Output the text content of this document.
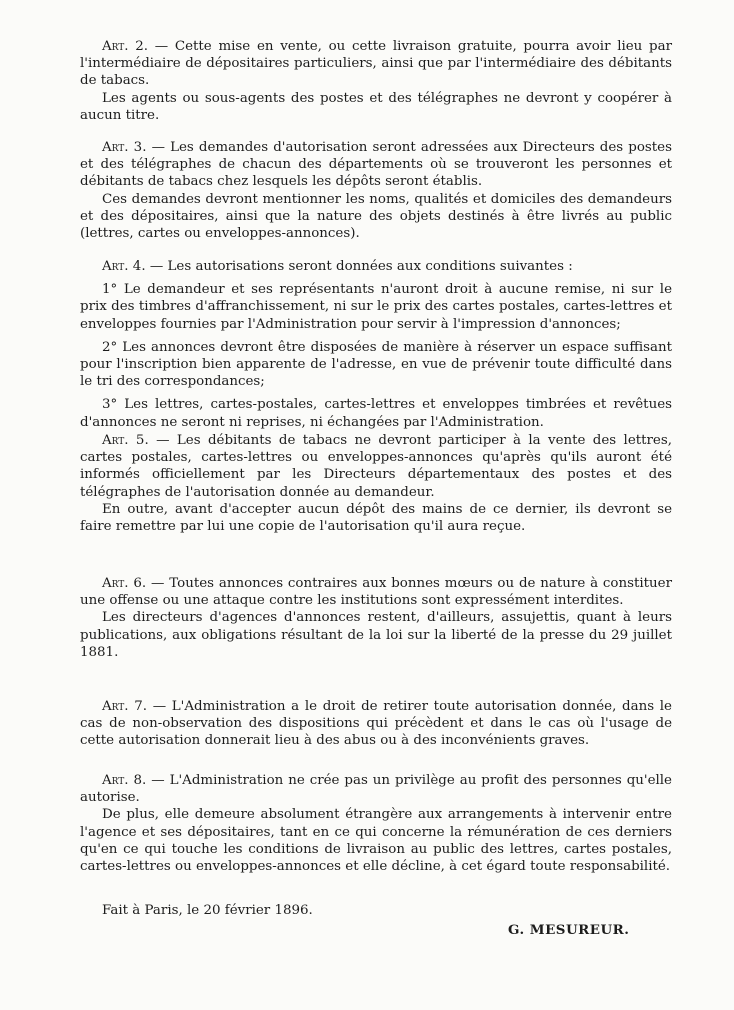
Art. 2. — Cette mise en vente, ou cette livraison gratuite, pourra avoir lieu par l'intermédiaire de dépositaires particuliers, ainsi que par l'intermédiaire des débitants de tabacs.

Les agents ou sous-agents des postes et des télégraphes ne devront y coopérer à aucun titre.

Art. 3. — Les demandes d'autorisation seront adressées aux Directeurs des postes et des télégraphes de chacun des départements où se trouveront les personnes et débitants de tabacs chez lesquels les dépôts seront établis.

Ces demandes devront mentionner les noms, qualités et domiciles des demandeurs et des dépositaires, ainsi que la nature des objets destinés à être livrés au public (lettres, cartes ou enveloppes-annonces).

Art. 4. — Les autorisations seront données aux conditions suivantes :

1° Le demandeur et ses représentants n'auront droit à aucune remise, ni sur le prix des timbres d'affranchissement, ni sur le prix des cartes postales, cartes-lettres et enveloppes fournies par l'Administration pour servir à l'impression d'annonces;

2° Les annonces devront être disposées de manière à réserver un espace suffisant pour l'inscription bien apparente de l'adresse, en vue de prévenir toute difficulté dans le tri des correspondances;

3° Les lettres, cartes-postales, cartes-lettres et enveloppes timbrées et revêtues d'annonces ne seront ni reprises, ni échangées par l'Administration.

Art. 5. — Les débitants de tabacs ne devront participer à la vente des lettres, cartes postales, cartes-lettres ou enveloppes-annonces qu'après qu'ils auront été informés officiellement par les Directeurs départementaux des postes et des télégraphes de l'autorisation donnée au demandeur.

En outre, avant d'accepter aucun dépôt des mains de ce dernier, ils devront se faire remettre par lui une copie de l'autorisation qu'il aura reçue.

Art. 6. — Toutes annonces contraires aux bonnes mœurs ou de nature à constituer une offense ou une attaque contre les institutions sont expressément interdites.

Les directeurs d'agences d'annonces restent, d'ailleurs, assujettis, quant à leurs publications, aux obligations résultant de la loi sur la liberté de la presse du 29 juillet 1881.

Art. 7. — L'Administration a le droit de retirer toute autorisation donnée, dans le cas de non-observation des dispositions qui précèdent et dans le cas où l'usage de cette autorisation donnerait lieu à des abus ou à des inconvénients graves.

Art. 8. — L'Administration ne crée pas un privilège au profit des personnes qu'elle autorise.

De plus, elle demeure absolument étrangère aux arrangements à intervenir entre l'agence et ses dépositaires, tant en ce qui concerne la rémunération de ces derniers qu'en ce qui touche les conditions de livraison au public des lettres, cartes postales, cartes-lettres ou enveloppes-annonces et elle décline, à cet égard toute responsabilité.

Fait à Paris, le 20 février 1896.
G. MESUREUR.
